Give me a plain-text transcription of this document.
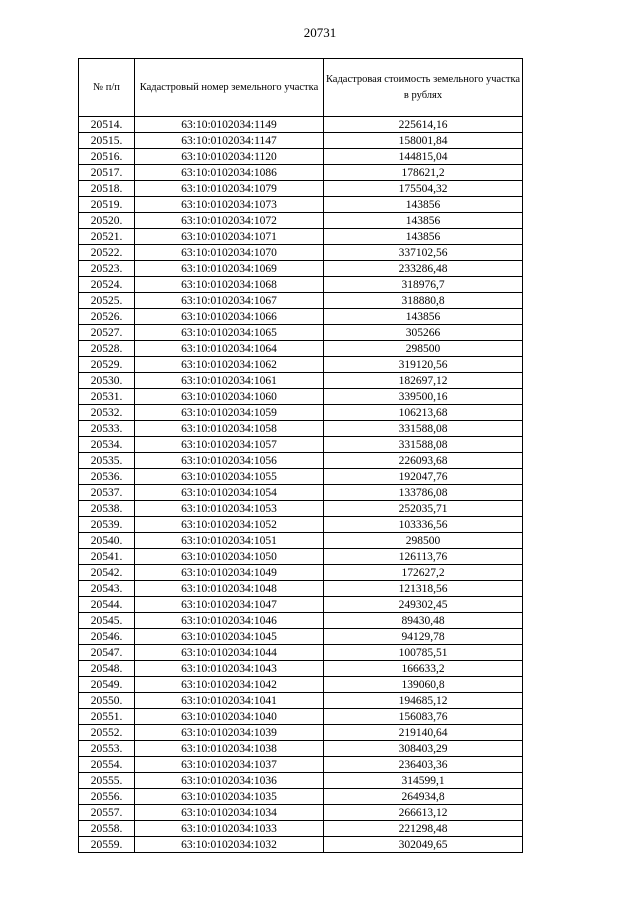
20731
№ п/п	Кадастровый номер земельного участка	Кадастровая стоимость земельного участка в рублях
20514.	63:10:0102034:1149	225614,16
20515.	63:10:0102034:1147	158001,84
20516.	63:10:0102034:1120	144815,04
20517.	63:10:0102034:1086	178621,2
20518.	63:10:0102034:1079	175504,32
20519.	63:10:0102034:1073	143856
20520.	63:10:0102034:1072	143856
20521.	63:10:0102034:1071	143856
20522.	63:10:0102034:1070	337102,56
20523.	63:10:0102034:1069	233286,48
20524.	63:10:0102034:1068	318976,7
20525.	63:10:0102034:1067	318880,8
20526.	63:10:0102034:1066	143856
20527.	63:10:0102034:1065	305266
20528.	63:10:0102034:1064	298500
20529.	63:10:0102034:1062	319120,56
20530.	63:10:0102034:1061	182697,12
20531.	63:10:0102034:1060	339500,16
20532.	63:10:0102034:1059	106213,68
20533.	63:10:0102034:1058	331588,08
20534.	63:10:0102034:1057	331588,08
20535.	63:10:0102034:1056	226093,68
20536.	63:10:0102034:1055	192047,76
20537.	63:10:0102034:1054	133786,08
20538.	63:10:0102034:1053	252035,71
20539.	63:10:0102034:1052	103336,56
20540.	63:10:0102034:1051	298500
20541.	63:10:0102034:1050	126113,76
20542.	63:10:0102034:1049	172627,2
20543.	63:10:0102034:1048	121318,56
20544.	63:10:0102034:1047	249302,45
20545.	63:10:0102034:1046	89430,48
20546.	63:10:0102034:1045	94129,78
20547.	63:10:0102034:1044	100785,51
20548.	63:10:0102034:1043	166633,2
20549.	63:10:0102034:1042	139060,8
20550.	63:10:0102034:1041	194685,12
20551.	63:10:0102034:1040	156083,76
20552.	63:10:0102034:1039	219140,64
20553.	63:10:0102034:1038	308403,29
20554.	63:10:0102034:1037	236403,36
20555.	63:10:0102034:1036	314599,1
20556.	63:10:0102034:1035	264934,8
20557.	63:10:0102034:1034	266613,12
20558.	63:10:0102034:1033	221298,48
20559.	63:10:0102034:1032	302049,65
